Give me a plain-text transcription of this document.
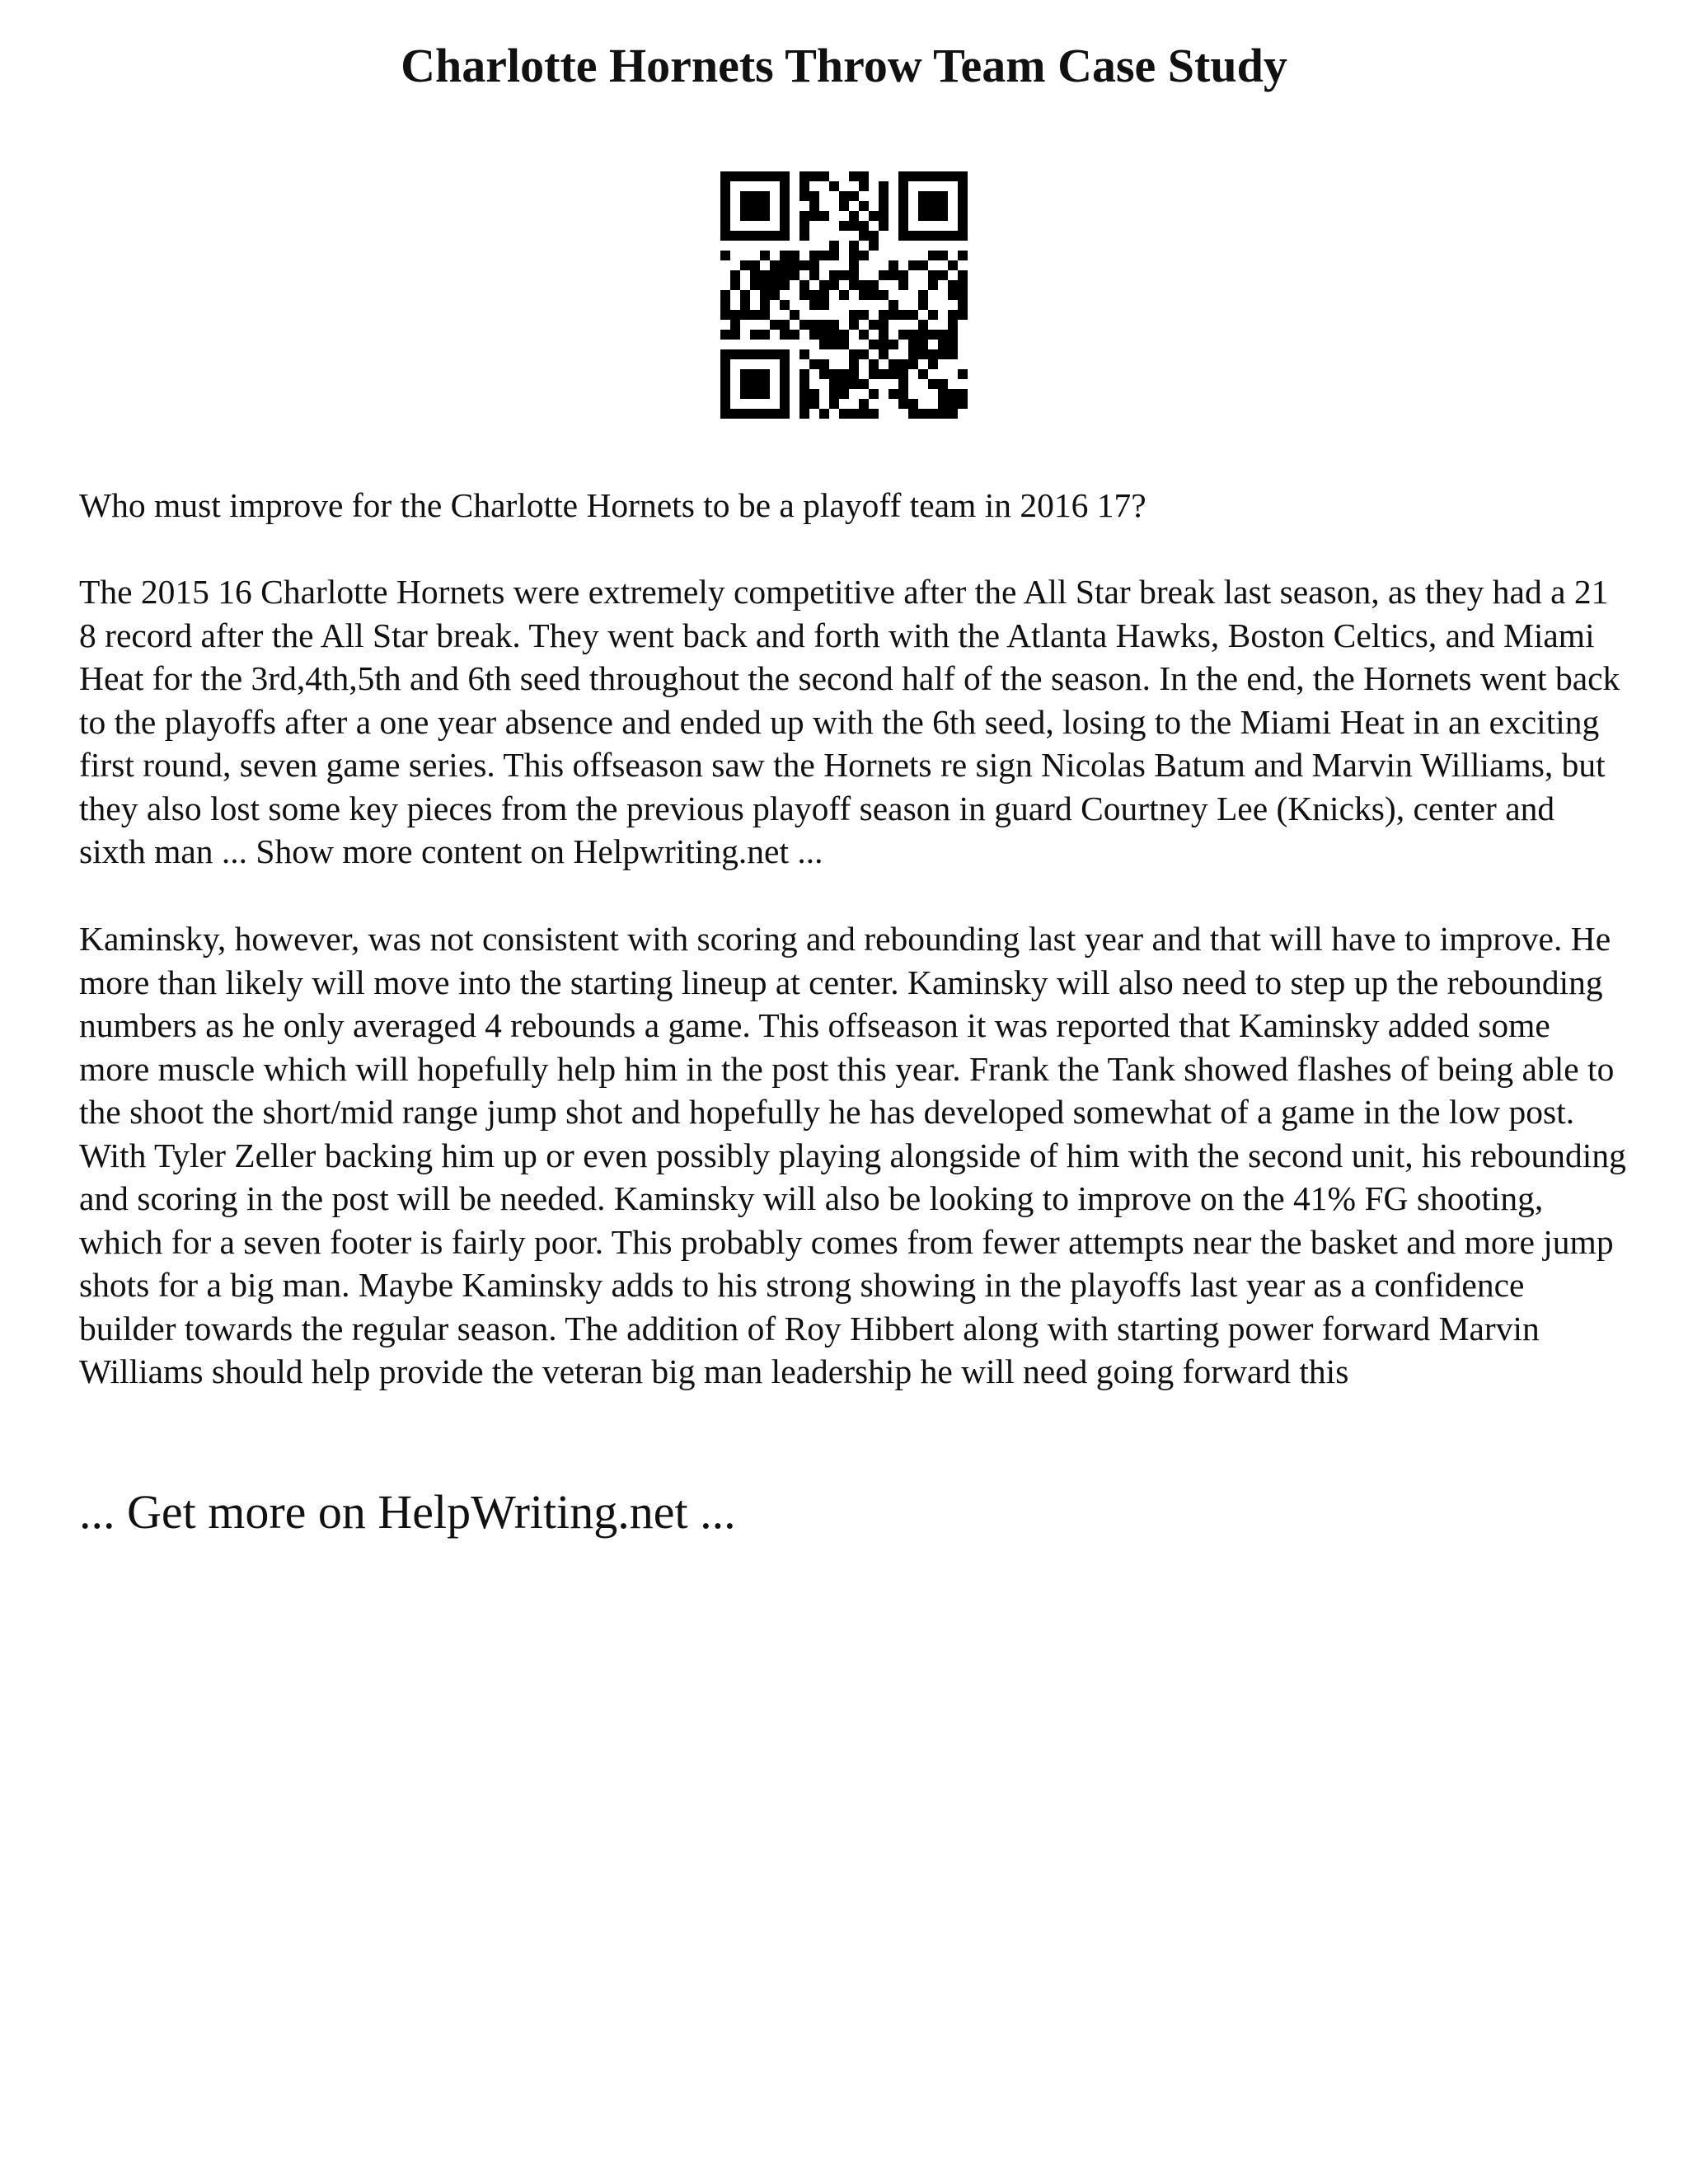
Charlotte Hornets Throw Team Case Study

Who must improve for the Charlotte Hornets to be a playoff team in 2016 17?

The 2015 16 Charlotte Hornets were extremely competitive after the All Star break last season, as they had a 21 8 record after the All Star break. They went back and forth with the Atlanta Hawks, Boston Celtics, and Miami Heat for the 3rd,4th,5th and 6th seed throughout the second half of the season. In the end, the Hornets went back to the playoffs after a one year absence and ended up with the 6th seed, losing to the Miami Heat in an exciting first round, seven game series. This offseason saw the Hornets re sign Nicolas Batum and Marvin Williams, but they also lost some key pieces from the previous playoff season in guard Courtney Lee (Knicks), center and sixth man ... Show more content on Helpwriting.net ...

Kaminsky, however, was not consistent with scoring and rebounding last year and that will have to improve. He more than likely will move into the starting lineup at center. Kaminsky will also need to step up the rebounding numbers as he only averaged 4 rebounds a game. This offseason it was reported that Kaminsky added some more muscle which will hopefully help him in the post this year. Frank the Tank showed flashes of being able to the shoot the short/mid range jump shot and hopefully he has developed somewhat of a game in the low post. With Tyler Zeller backing him up or even possibly playing alongside of him with the second unit, his rebounding and scoring in the post will be needed. Kaminsky will also be looking to improve on the 41% FG shooting, which for a seven footer is fairly poor. This probably comes from fewer attempts near the basket and more jump shots for a big man. Maybe Kaminsky adds to his strong showing in the playoffs last year as a confidence builder towards the regular season. The addition of Roy Hibbert along with starting power forward Marvin Williams should help provide the veteran big man leadership he will need going forward this

... Get more on HelpWriting.net ...
